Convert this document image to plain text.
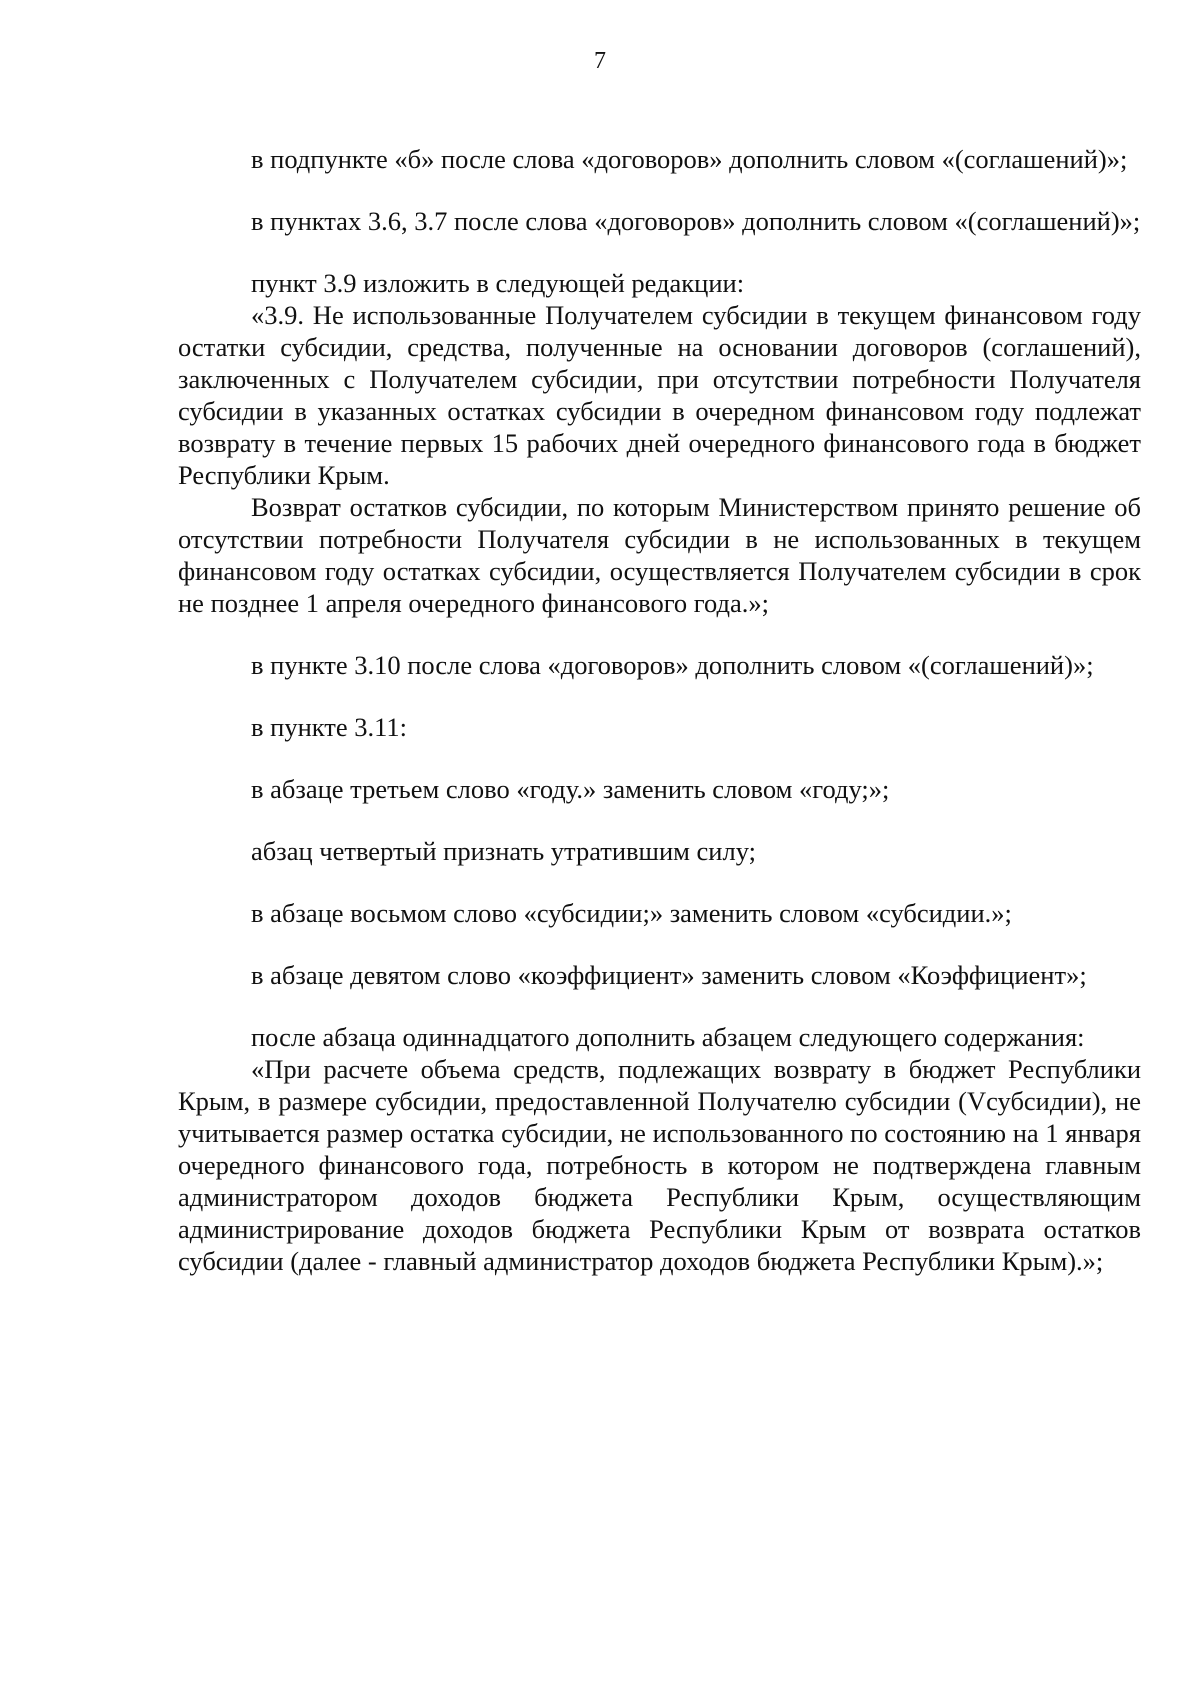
7

в подпункте «б» после слова «договоров» дополнить словом «(соглашений)»;

в пунктах 3.6, 3.7 после слова «договоров» дополнить словом «(соглашений)»;

пункт 3.9 изложить в следующей редакции:

«3.9. Не использованные Получателем субсидии в текущем финансовом году остатки субсидии, средства, полученные на основании договоров (соглашений), заключенных с Получателем субсидии, при отсутствии потребности Получателя субсидии в указанных остатках субсидии в очередном финансовом году подлежат возврату в течение первых 15 рабочих дней очередного финансового года в бюджет Республики Крым.

Возврат остатков субсидии, по которым Министерством принято решение об отсутствии потребности Получателя субсидии в не использованных в текущем финансовом году остатках субсидии, осуществляется Получателем субсидии в срок не позднее 1 апреля очередного финансового года.»;

в пункте 3.10 после слова «договоров» дополнить словом «(соглашений)»;

в пункте 3.11:

в абзаце третьем слово «году.» заменить словом «году;»;

абзац четвертый признать утратившим силу;

в абзаце восьмом слово «субсидии;» заменить словом «субсидии.»;

в абзаце девятом слово «коэффициент» заменить словом «Коэффициент»;

после абзаца одиннадцатого дополнить абзацем следующего содержания:

«При расчете объема средств, подлежащих возврату в бюджет Республики Крым, в размере субсидии, предоставленной Получателю субсидии (Vсубсидии), не учитывается размер остатка субсидии, не использованного по состоянию на 1 января очередного финансового года, потребность в котором не подтверждена главным администратором доходов бюджета Республики Крым, осуществляющим администрирование доходов бюджета Республики Крым от возврата остатков субсидии (далее - главный администратор доходов бюджета Республики Крым).»;
